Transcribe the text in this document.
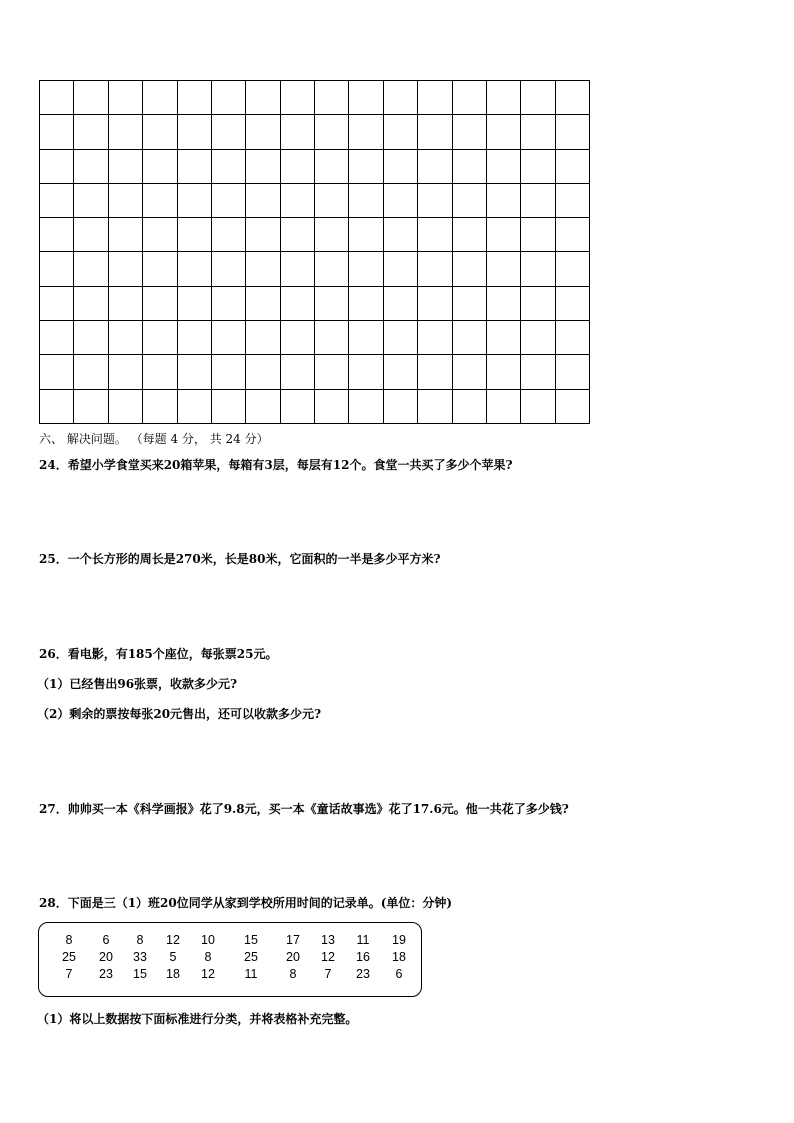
六、 解决问题。 （每题 4 分， 共 24 分）
24．希望小学食堂买来20箱苹果，每箱有3层，每层有12个。食堂一共买了多少个苹果?
25．一个长方形的周长是270米，长是80米，它面积的一半是多少平方米?
26．看电影，有185个座位，每张票25元。
（1）已经售出96张票，收款多少元?
（2）剩余的票按每张20元售出，还可以收款多少元?
27．帅帅买一本《科学画报》花了9.8元，买一本《童话故事选》花了17.6元。他一共花了多少钱?
28．下面是三（1）班20位同学从家到学校所用时间的记录单。(单位：分钟)
8	6	8	12	10	15	17	13	11	19
25	20	33	5	8	25	20	12	16	18
7	23	15	18	12	11	8	7	23	6
（1）将以上数据按下面标准进行分类，并将表格补充完整。
